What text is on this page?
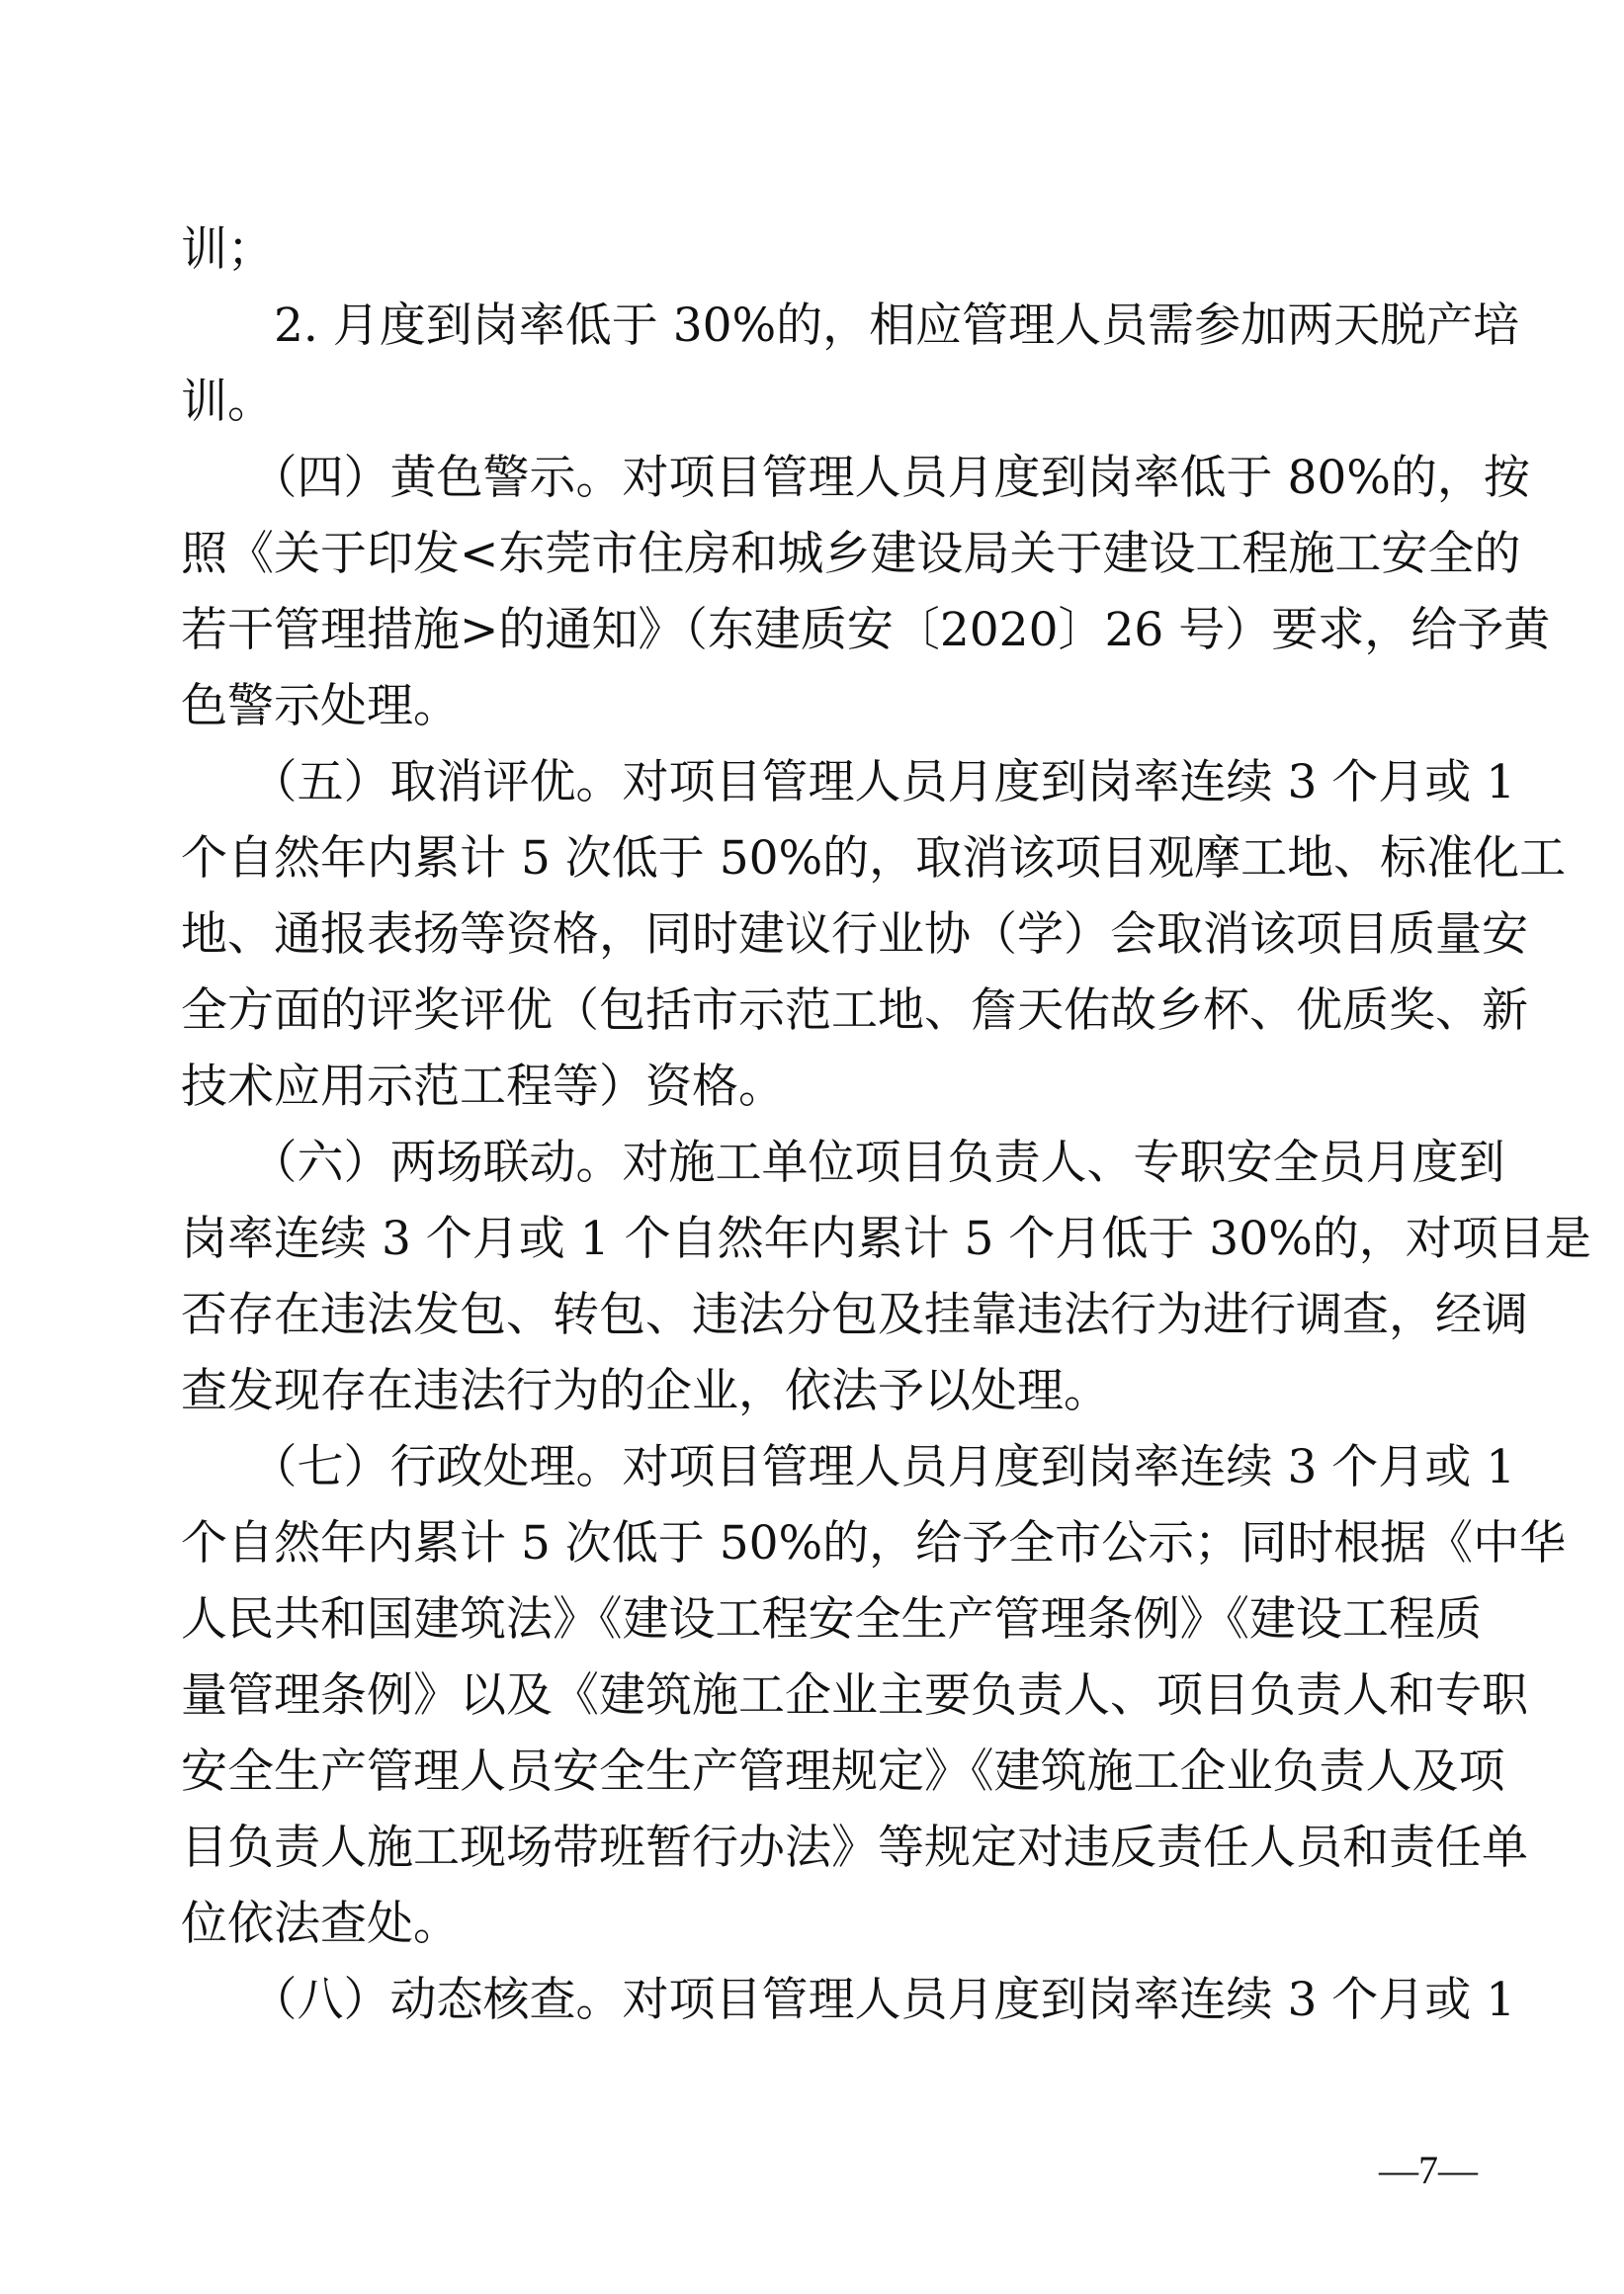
训；
　　2. 月度到岗率低于 30%的，相应管理人员需参加两天脱产培
训。
　　（四）黄色警示。对项目管理人员月度到岗率低于 80%的，按
照《关于印发<东莞市住房和城乡建设局关于建设工程施工安全的
若干管理措施>的通知》（东建质安〔2020〕26 号）要求，给予黄
色警示处理。
　　（五）取消评优。对项目管理人员月度到岗率连续 3 个月或 1
个自然年内累计 5 次低于 50%的，取消该项目观摩工地、标准化工
地、通报表扬等资格，同时建议行业协（学）会取消该项目质量安
全方面的评奖评优（包括市示范工地、詹天佑故乡杯、优质奖、新
技术应用示范工程等）资格。
　　（六）两场联动。对施工单位项目负责人、专职安全员月度到
岗率连续 3 个月或 1 个自然年内累计 5 个月低于 30%的，对项目是
否存在违法发包、转包、违法分包及挂靠违法行为进行调查，经调
查发现存在违法行为的企业，依法予以处理。
　　（七）行政处理。对项目管理人员月度到岗率连续 3 个月或 1
个自然年内累计 5 次低于 50%的，给予全市公示；同时根据《中华
人民共和国建筑法》《建设工程安全生产管理条例》《建设工程质
量管理条例》以及《建筑施工企业主要负责人、项目负责人和专职
安全生产管理人员安全生产管理规定》《建筑施工企业负责人及项
目负责人施工现场带班暂行办法》等规定对违反责任人员和责任单
位依法查处。
　　（八）动态核查。对项目管理人员月度到岗率连续 3 个月或 1
—7—
